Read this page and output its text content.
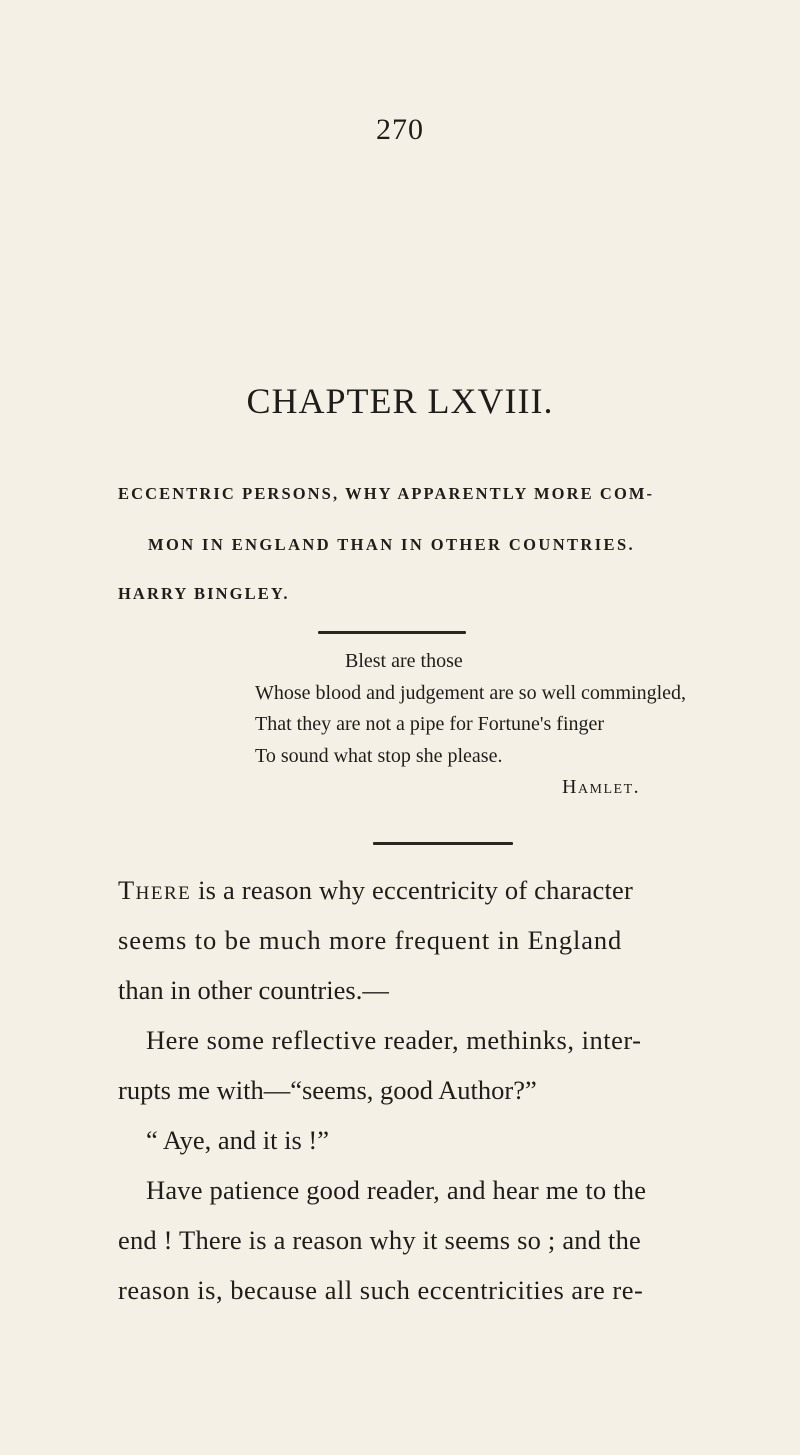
270
CHAPTER LXVIII.
ECCENTRIC PERSONS, WHY APPARENTLY MORE COM-
MON IN ENGLAND THAN IN OTHER COUNTRIES.
HARRY BINGLEY.
Blest are those
Whose blood and judgement are so well commingled,
That they are not a pipe for Fortune's finger
To sound what stop she please.
Hamlet.
There is a reason why eccentricity of character
seems to be much more frequent in England
than in other countries.—
Here some reflective reader, methinks, inter-
rupts me with—“seems, good Author?”
“ Aye, and it is !”
Have patience good reader, and hear me to the
end ! There is a reason why it seems so ; and the
reason is, because all such eccentricities are re-
